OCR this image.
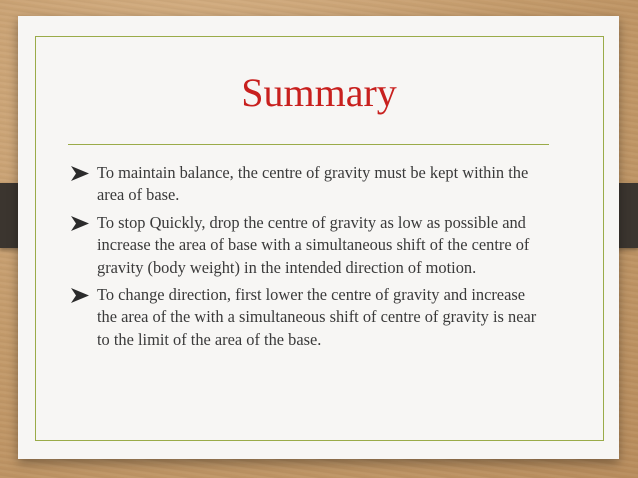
Summary
To maintain balance, the centre of gravity must be kept within the area of base.
To stop Quickly, drop the centre of gravity as low as possible and increase the area of base with a simultaneous shift of the centre of gravity (body weight) in the intended direction of motion.
To change direction, first lower the centre of gravity and increase the area of the with a simultaneous shift of centre of gravity is near to the limit of the area of the base.
